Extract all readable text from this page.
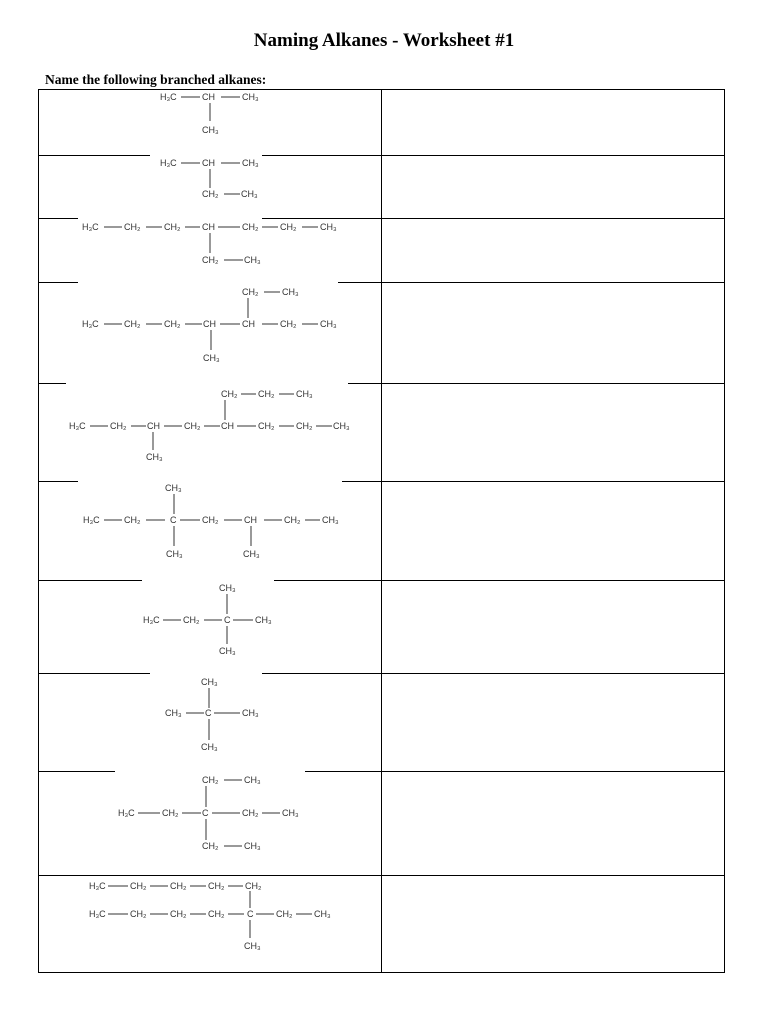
Naming Alkanes - Worksheet #1
Name the following branched alkanes:
H₃C	CH	CH₃
CH₃
H₃C	CH	CH₃
CH₂	CH₃
H₃C	CH₂	CH₂ CH	CH₂ CH₂	CH₃
CH₂	CH₃
CH₂	CH₃
H₃C	CH₂	CH₂	CH	CH	CH₂	CH₃
CH₃
CH₂ CH₂ CH₃
H₃C	CH₂ CH	CH₂ CH	CH₂ CH₂ CH₃
CH₃
CH₃
H₃C	CH₂	C	CH₂	CH	CH₂ CH₃
CH₃	CH₃
CH₃
H₃C	CH₂	C	CH₃
CH₃
CH₃
CH₃	C	CH₃
CH₃
CH₂	CH₃
H₃C	CH₂	C	CH₂	CH₃
CH₂	CH₃
H₃C	CH₂	CH₂ CH₂ CH₂
H₃C	CH₂	CH₂ CH₂	C	CH₂ CH₃
CH₃
